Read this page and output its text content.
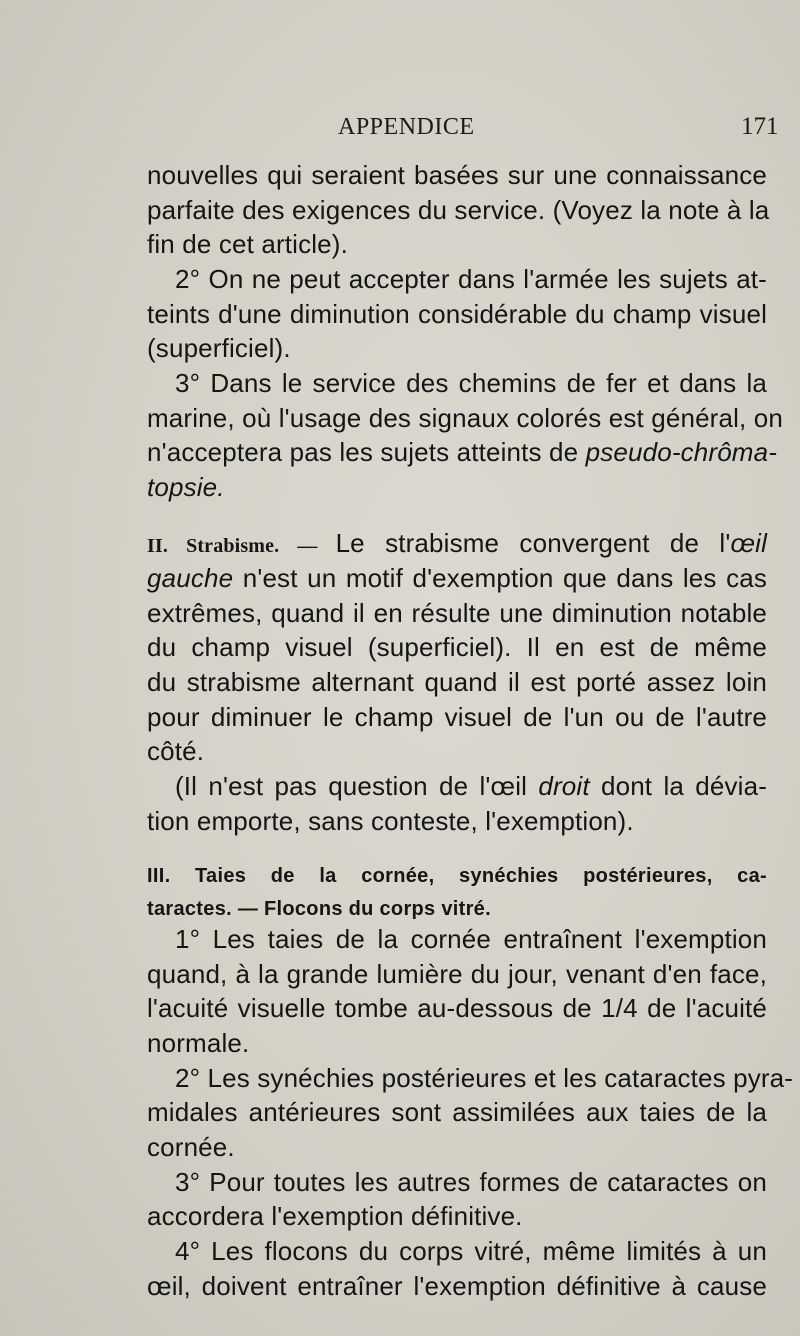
APPENDICE	171
nouvelles qui seraient basées sur une connaissance
parfaite des exigences du service. (Voyez la note à la
fin de cet article).
2° On ne peut accepter dans l'armée les sujets at-
teints d'une diminution considérable du champ visuel
(superficiel).
3° Dans le service des chemins de fer et dans la
marine, où l'usage des signaux colorés est général, on
n'acceptera pas les sujets atteints de pseudo-chrôma-
topsie.
II. Strabisme. — Le strabisme convergent de l'œil
gauche n'est un motif d'exemption que dans les cas
extrêmes, quand il en résulte une diminution notable
du champ visuel (superficiel). Il en est de même
du strabisme alternant quand il est porté assez loin
pour diminuer le champ visuel de l'un ou de l'autre
côté.
(Il n'est pas question de l'œil droit dont la dévia-
tion emporte, sans conteste, l'exemption).
III. Taies de la cornée, synéchies postérieures, ca-
taractes. — Flocons du corps vitré.
1° Les taies de la cornée entraînent l'exemption
quand, à la grande lumière du jour, venant d'en face,
l'acuité visuelle tombe au-dessous de 1/4 de l'acuité
normale.
2° Les synéchies postérieures et les cataractes pyra-
midales antérieures sont assimilées aux taies de la
cornée.
3° Pour toutes les autres formes de cataractes on
accordera l'exemption définitive.
4° Les flocons du corps vitré, même limités à un
œil, doivent entraîner l'exemption définitive à cause
